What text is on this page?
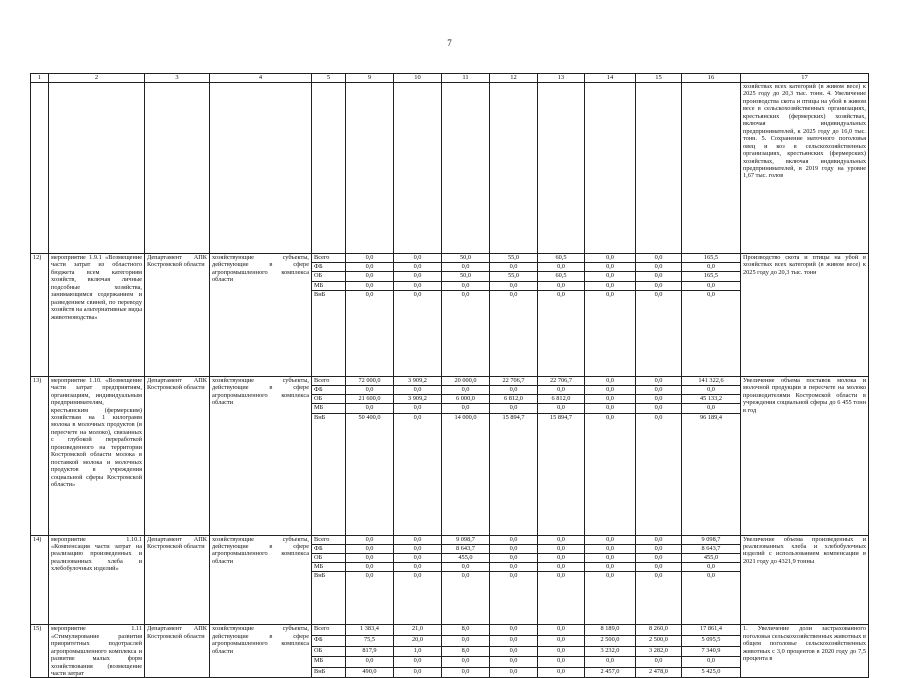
7
1	2	3	4	5	9	10	11	12	13	14	15	16	17
													хозяйствах всех категорий (в живом весе) к 2025 году до 20,3 тыс. тонн. 4. Увеличение производства скота и птицы на убой в живом весе в сельскохозяйственных организациях, крестьянских (фермерских) хозяйствах, включая индивидуальных предпринимателей, к 2025 году до 16,0 тыс. тонн. 5. Сохранение маточного поголовья овец и коз в сельскохозяйственных организациях, крестьянских (фермерских) хозяйствах, включая индивидуальных предпринимателей, в 2019 году на уровне 1,67 тыс. голов
12)	мероприятие 1.9.1 «Возмещение части затрат из областного бюджета всем категориям хозяйств, включая личные подсобные хозяйства, занимающимся содержанием и разведением свиней, по переводу хозяйств на альтернативные виды животноводства»	Департамент АПК Костромской области	хозяйствующие субъекты, действующие в сфере агропромышленного комплекса области	Всего	0,0	0,0	50,0	55,0	60,5	0,0	0,0	165,5	Производство скота и птицы на убой в хозяйствах всех категорий (в живом весе) к 2025 году до 20,3 тыс. тонн
				ФБ	0,0	0,0	0,0	0,0	0,0	0,0	0,0	0,0	
				ОБ	0,0	0,0	50,0	55,0	60,5	0,0	0,0	165,5	
				МБ	0,0	0,0	0,0	0,0	0,0	0,0	0,0	0,0	
				ВнБ	0,0	0,0	0,0	0,0	0,0	0,0	0,0	0,0	
13)	мероприятие 1.10. «Возмещение части затрат предприятиям, организациям, индивидуальным предпринимателям, крестьянским (фермерским) хозяйствам на 1 килограмм молока в молочных продуктов (в пересчете на молоко), связанных с глубокой переработкой произведенного на территории Костромской области молока в поставкой молока и молочных продуктов в учреждения социальной сферы Костромской области»	Департамент АПК Костромской области	хозяйствующие субъекты, действующие в сфере агропромышленного комплекса области	Всего	72 000,0	3 909,2	20 000,0	22 706,7	22 706,7	0,0	0,0	141 322,6	Увеличение объема поставок молока и молочной продукции в пересчете на молоко производителями Костромской области в учреждения социальной сферы до 6 455 тонн в год
				ФБ	0,0	0,0	0,0	0,0	0,0	0,0	0,0	0,0	
				ОБ	21 600,0	3 909,2	6 000,0	6 812,0	6 812,0	0,0	0,0	45 133,2	
				МБ	0,0	0,0	0,0	0,0	0,0	0,0	0,0	0,0	
				ВнБ	50 400,0	0,0	14 000,0	15 894,7	15 894,7	0,0	0,0	96 189,4	
14)	мероприятие 1.10.1 «Компенсация части затрат на реализацию произведенных и реализованных хлеба и хлебобулочных изделий»	Департамент АПК Костромской области	хозяйствующие субъекты, действующие в сфере агропромышленного комплекса области	Всего	0,0	0,0	9 098,7	0,0	0,0	0,0	0,0	9 098,7	Увеличение объема произведенных и реализованных хлеба и хлебобулочных изделий с использованием компенсации в 2021 году до 4321,9 тонны
				ФБ	0,0	0,0	8 643,7	0,0	0,0	0,0	0,0	8 643,7	
				ОБ	0,0	0,0	455,0	0,0	0,0	0,0	0,0	455,0	
				МБ	0,0	0,0	0,0	0,0	0,0	0,0	0,0	0,0	
				ВнБ	0,0	0,0	0,0	0,0	0,0	0,0	0,0	0,0	
15)	мероприятие 1.11 «Стимулирование развития приоритетных подотраслей агропромышленного комплекса и развитие малых форм хозяйствования (возмещение части затрат	Департамент АПК Костромской области	хозяйствующие субъекты, действующие в сфере агропромышленного комплекса области	Всего	1 383,4	21,0	8,0	0,0	0,0	8 189,0	8 260,0	17 861,4	1. Увеличение доли застрахованного поголовья сельскохозяйственных животных в общем поголовье сельскохозяйственных животных с 3,0 процентов в 2020 году до 7,5 процента в
				ФБ	75,5	20,0	0,0	0,0	0,0	2 500,0	2 500,0	5 095,5	
				ОБ	817,9	1,0	8,0	0,0	0,0	3 232,0	3 282,0	7 340,9	
				МБ	0,0	0,0	0,0	0,0	0,0	0,0	0,0	0,0	
				ВнБ	490,0	0,0	0,0	0,0	0,0	2 457,0	2 478,0	5 425,0	
